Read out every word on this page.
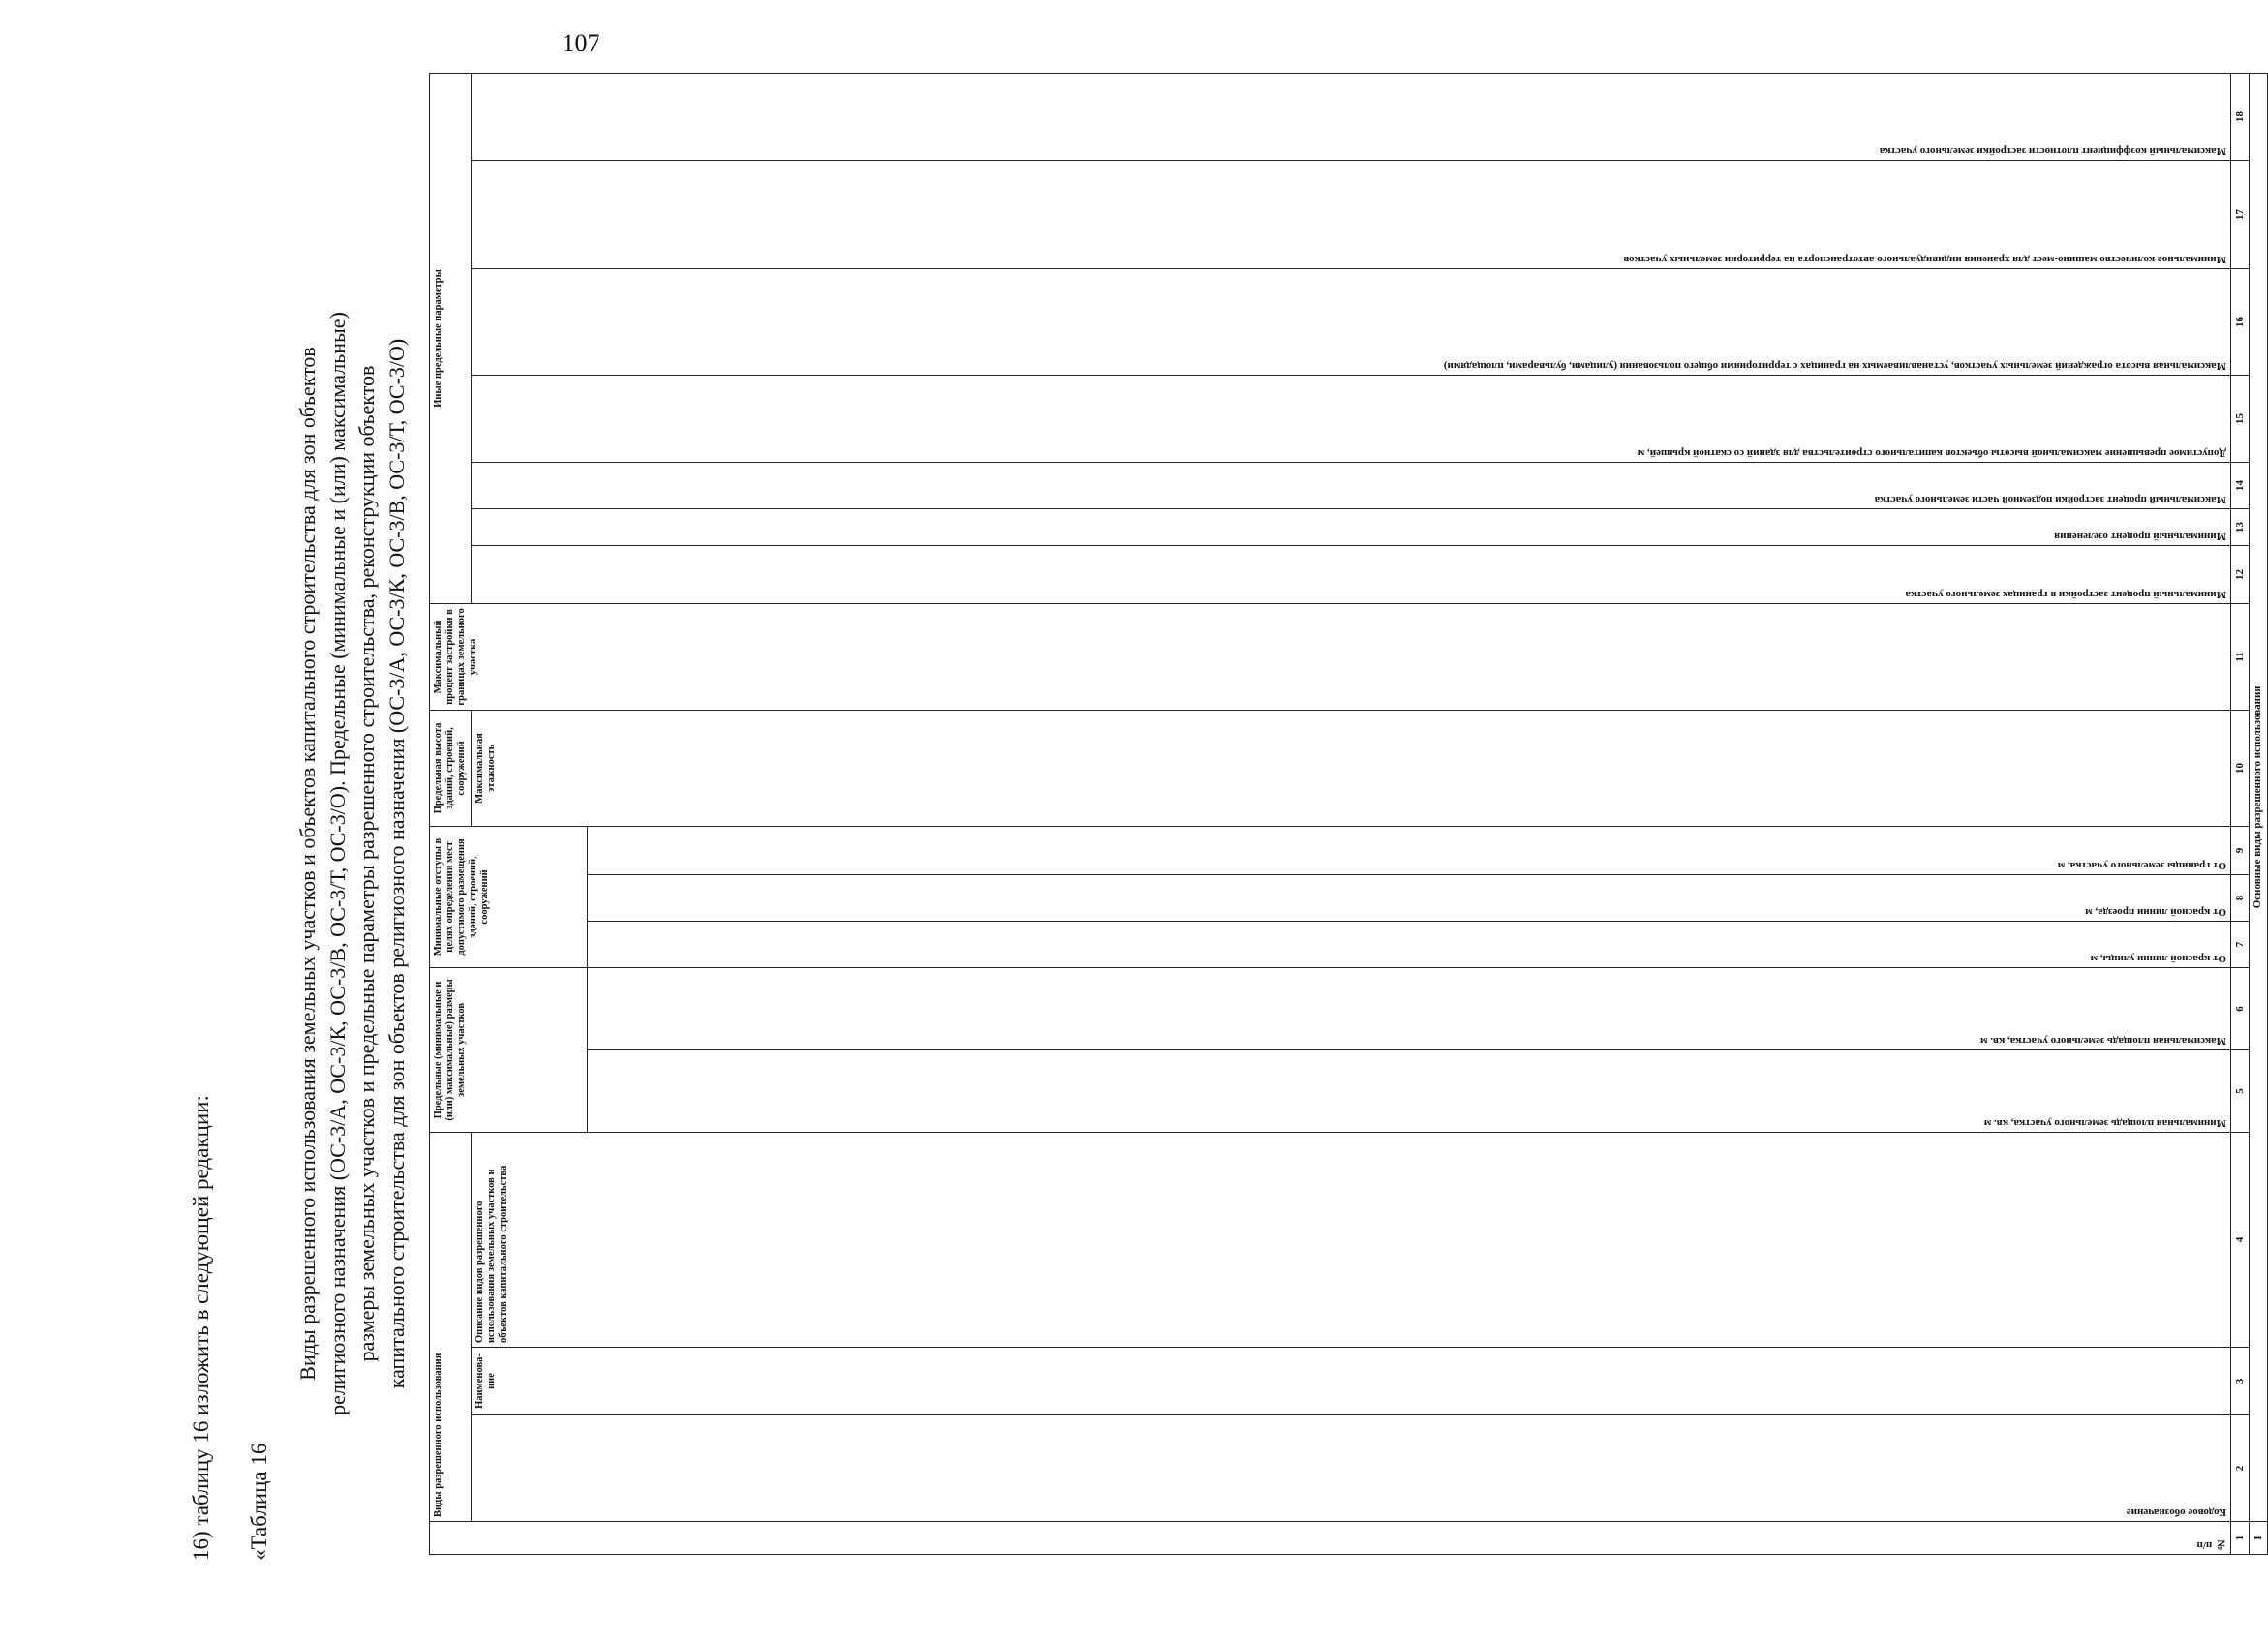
107
16) таблицу 16 изложить в следующей редакции: «Таблица 16
Виды разрешенного использования земельных участков и объектов капитального строительства для зон объектов религиозного назначения (ОС-3/А, ОС-3/К, ОС-3/В, ОС-3/Т, ОС-3/О). Предельные (минимальные и (или) максимальные) размеры земельных участков и предельные параметры разрешенного строительства, реконструкции объектов капитального строительства для зон объектов религиозного назначения (ОС-3/А, ОС-3/К, ОС-3/В, ОС-3/Т, ОС-3/О)
№ п/п	Виды разрешенного использования			Предельные (минимальные и (или) максимальные) размеры земельных участков		Минимальные отступы в целях определения мест допустимого размещения зданий, строений, сооружений			Предельная высота зданий, строений, сооружений	Максимальный процент застройки в границах земельного участка	Иные предельные параметры						

	Кодовое обозначение	Наименова-ние	Описание видов разрешенного использования земельных участков и объектов капитального строительства						Максимальная этажность		Минимальный процент застройки в границах земельного участка	Минимальный процент озеленения	Максимальный процент застройки подземной части земельного участка	Допустимое превышение максимальной высоты объектов капитального строительства для зданий со скатной крышей, м	Максимальная высота ограждений земельных участков, устанавливаемых на границах с территориями общего пользования (улицами, бульварами, площадями)	Минимальное количество машино-мест для хранения индивидуального автотранспорта на территории земельных участков	Максимальный коэффициент плотности застройки земельного участка

				Минимальная площадь земельного участка, кв. м	Максимальная площадь земельного участка, кв. м	От красной линии улицы, м	От красной линии проезда, м	От границы земельного участка, м									

1	2	3	4	5	6	7	8	9	10	11	12	13	14	15	16	17	18
I	Основные виды разрешенного использования																
